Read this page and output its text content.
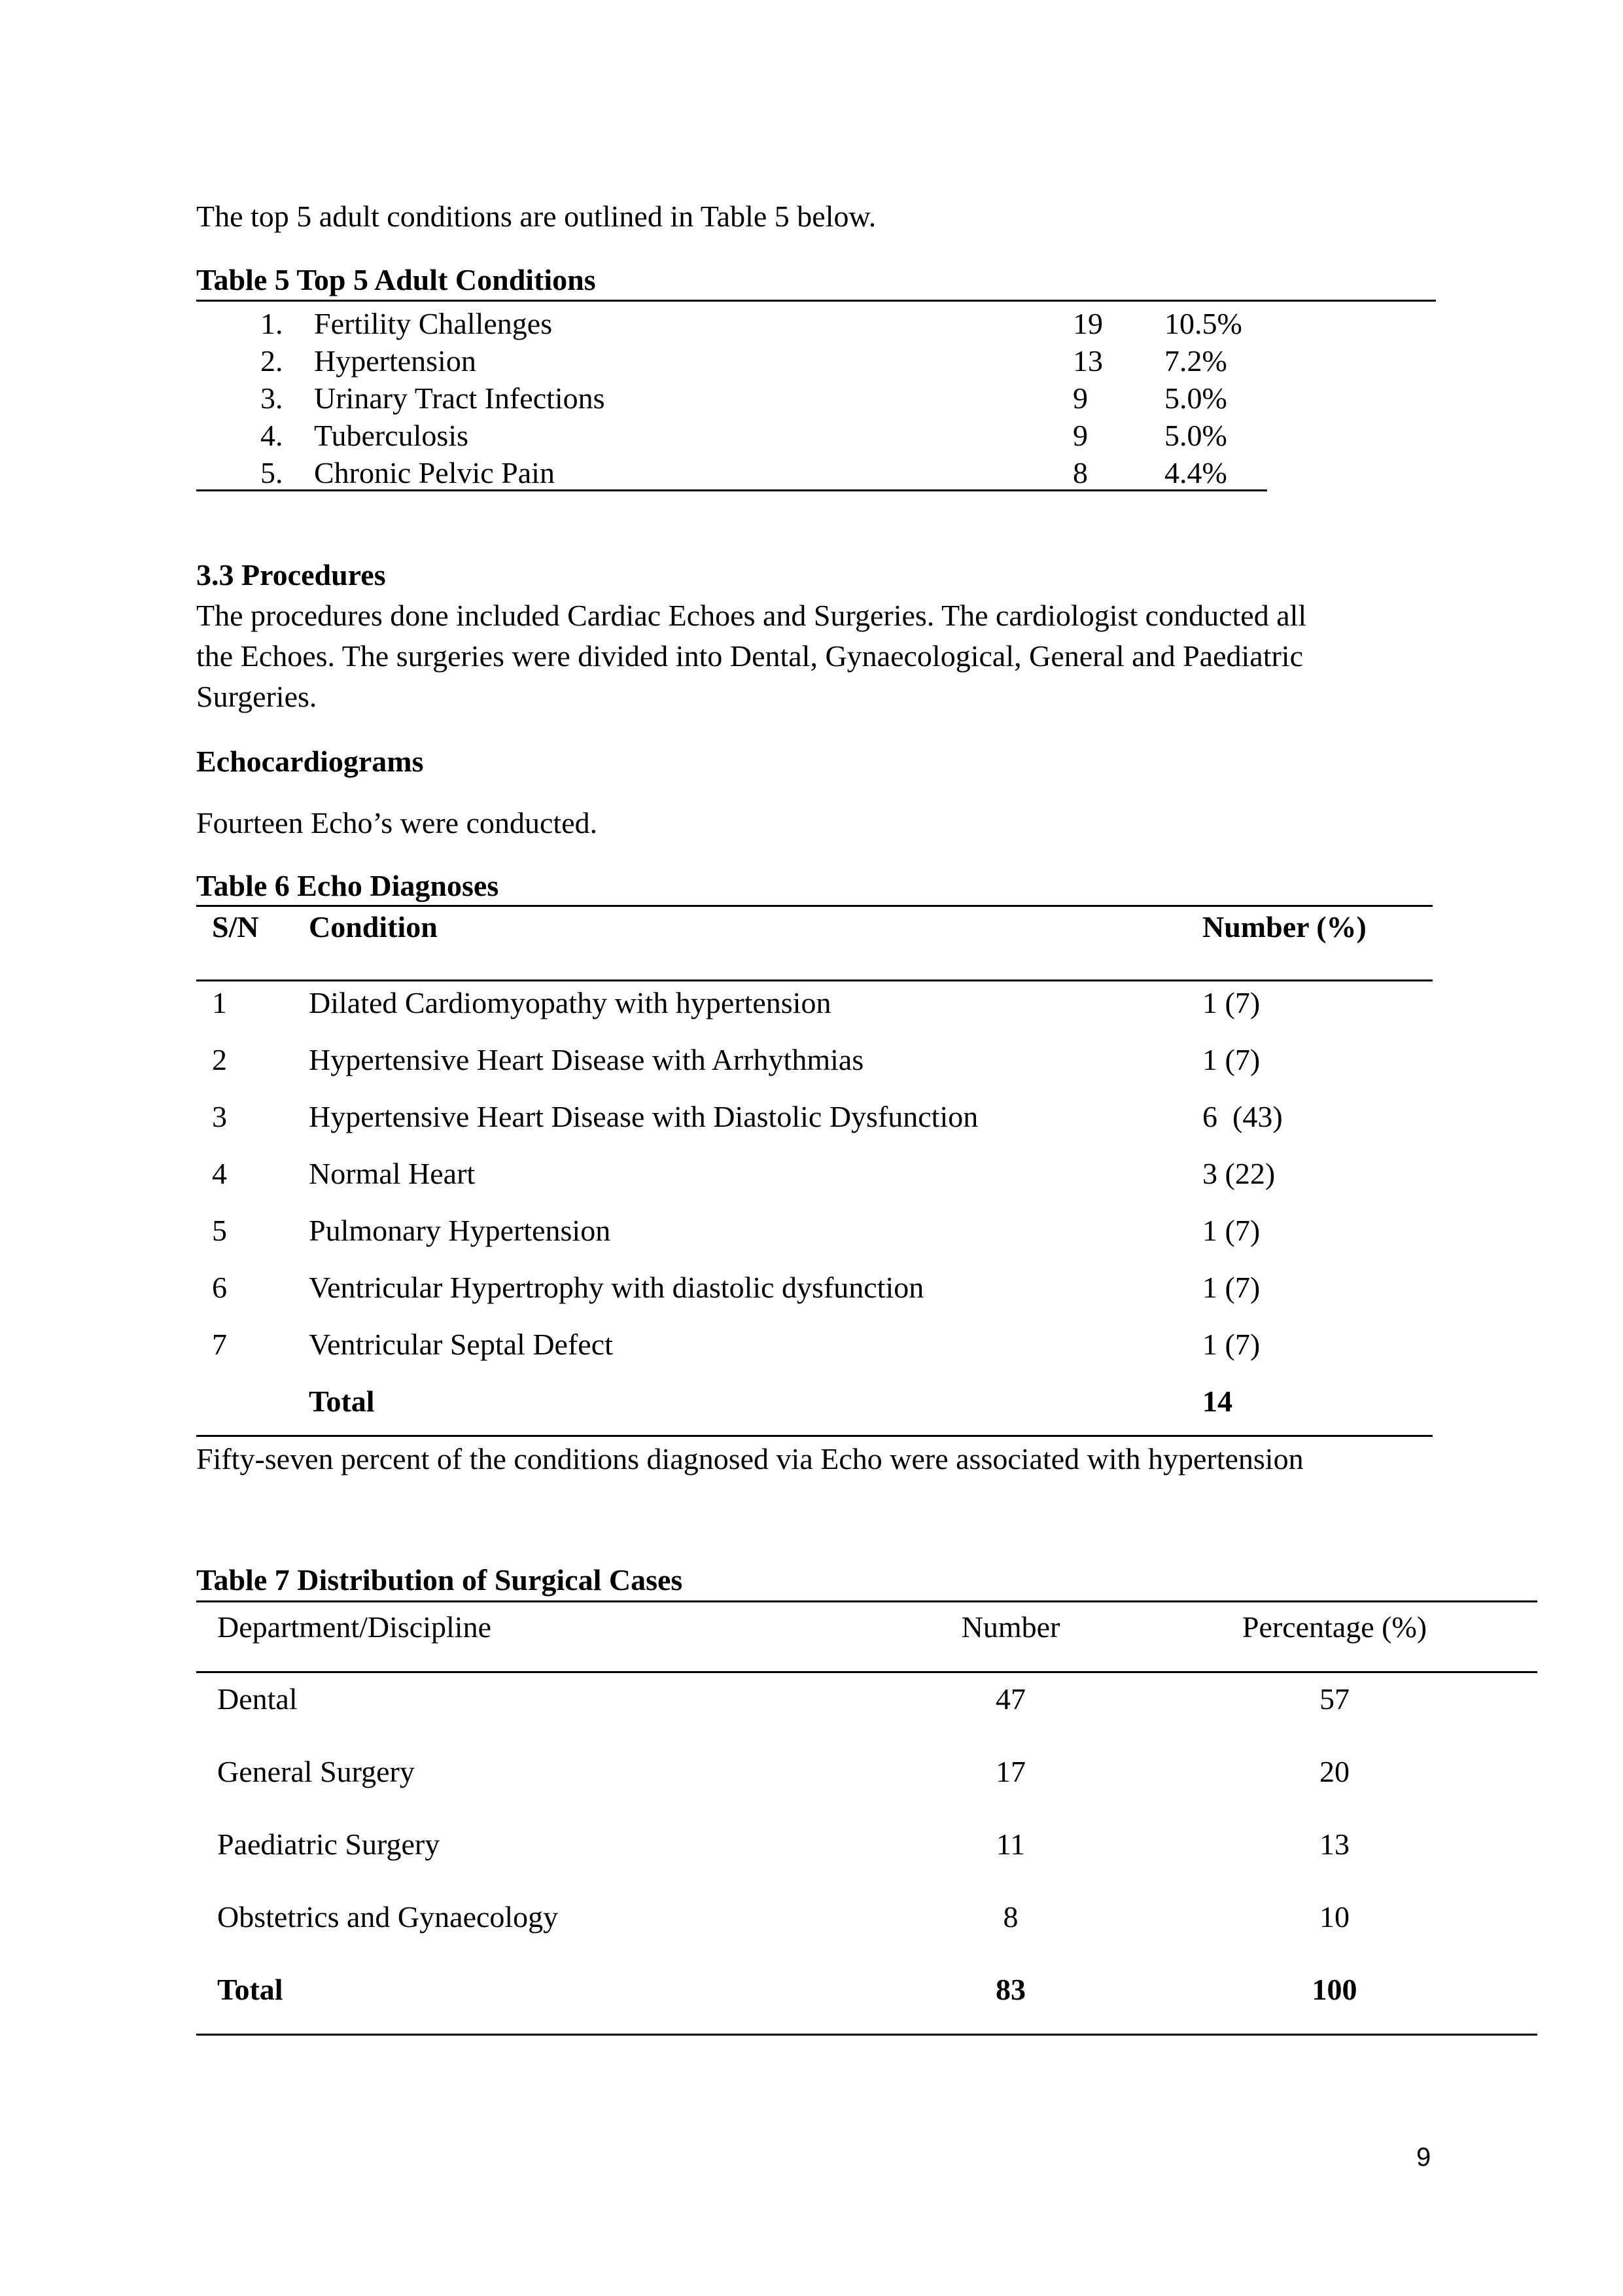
The top 5 adult conditions are outlined in Table 5 below.
Table 5 Top 5 Adult Conditions
1. Fertility Challenges	19 10.5%
2. Hypertension	13 7.2%
3. Urinary Tract Infections	9	5.0%
4. Tuberculosis	9	5.0%
5. Chronic Pelvic Pain	8	4.4%
3.3 Procedures
The procedures done included Cardiac Echoes and Surgeries. The cardiologist conducted all
the Echoes. The surgeries were divided into Dental, Gynaecological, General and Paediatric
Surgeries.
Echocardiograms
Fourteen Echo’s were conducted.
Table 6 Echo Diagnoses
S/N Condition	Number (%)
1	Dilated Cardiomyopathy with hypertension	1 (7)
2	Hypertensive Heart Disease with Arrhythmias	1 (7)
3	Hypertensive Heart Disease with Diastolic Dysfunction	6  (43)
4	Normal Heart	3 (22)
5	Pulmonary Hypertension	1 (7)
6	Ventricular Hypertrophy with diastolic dysfunction	1 (7)
7	Ventricular Septal Defect	1 (7)
Total	14
Fifty-seven percent of the conditions diagnosed via Echo were associated with hypertension
Table 7 Distribution of Surgical Cases
Department/Discipline	Number	Percentage (%)
Dental	47	57
General Surgery	17	20
Paediatric Surgery	11	13
Obstetrics and Gynaecology	8	10
Total	83	100
9
